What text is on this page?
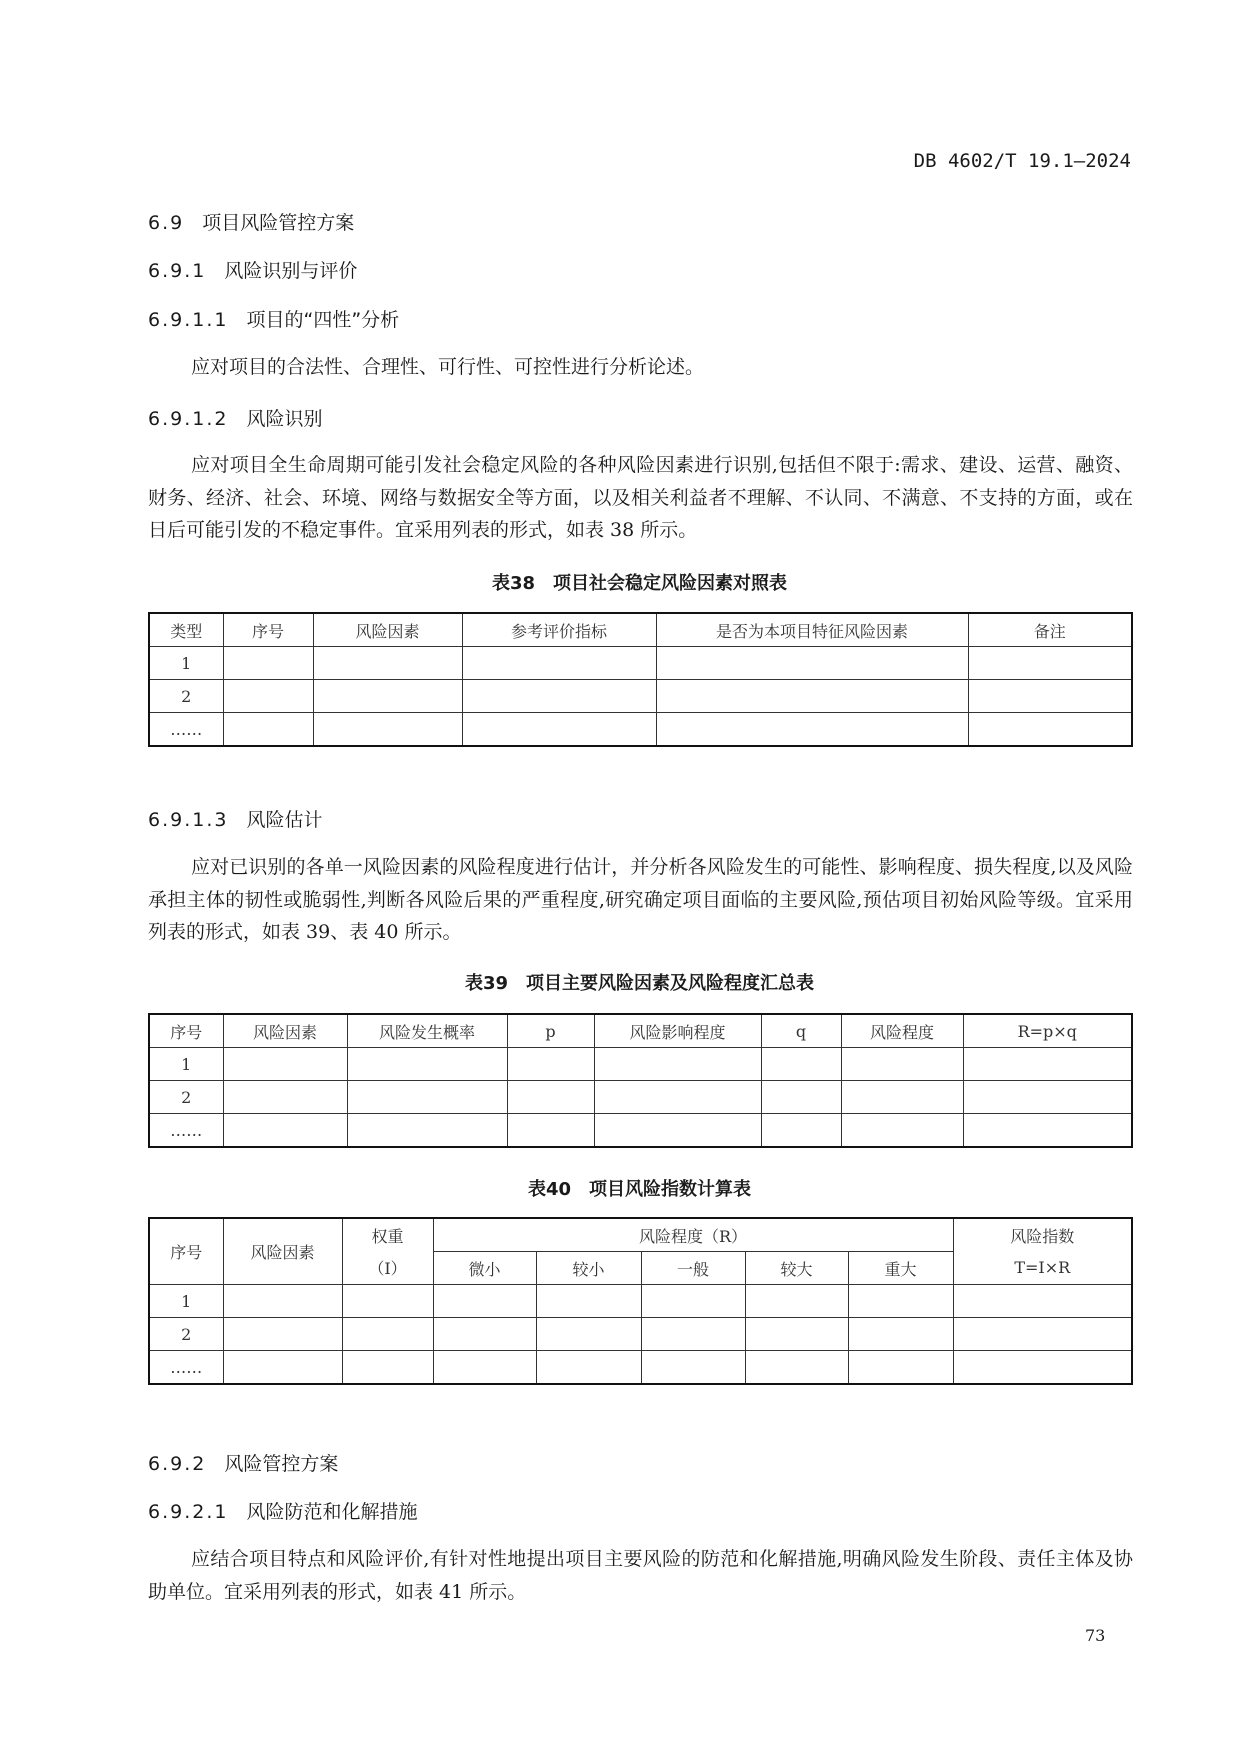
DB 4602/T 19.1—2024
6.9 项目风险管控方案
6.9.1 风险识别与评价
6.9.1.1 项目的“四性”分析
应对项目的合法性、合理性、可行性、可控性进行分析论述。
6.9.1.2 风险识别
应对项目全生命周期可能引发社会稳定风险的各种风险因素进行识别,包括但不限于:需求、建设、运营、融资、财务、经济、社会、环境、网络与数据安全等方面，以及相关利益者不理解、不认同、不满意、不支持的方面，或在日后可能引发的不稳定事件。宜采用列表的形式，如表 38 所示。
表38　项目社会稳定风险因素对照表
类型	序号	风险因素	参考评价指标	是否为本项目特征风险因素	备注
1					
2					
……					
6.9.1.3 风险估计
应对已识别的各单一风险因素的风险程度进行估计，并分析各风险发生的可能性、影响程度、损失程度,以及风险承担主体的韧性或脆弱性,判断各风险后果的严重程度,研究确定项目面临的主要风险,预估项目初始风险等级。宜采用列表的形式，如表 39、表 40 所示。
表39　项目主要风险因素及风险程度汇总表
序号	风险因素	风险发生概率	p	风险影响程度	q	风险程度	R=p×q
1							
2							
……							
表40　项目风险指数计算表
序号	风险因素	权重	风险程度（R）					风险指数
		（I）	微小	较小	一般	较大	重大	T=I×R
1								
2								
……								
6.9.2 风险管控方案
6.9.2.1 风险防范和化解措施
应结合项目特点和风险评价,有针对性地提出项目主要风险的防范和化解措施,明确风险发生阶段、责任主体及协助单位。宜采用列表的形式，如表 41 所示。
73
